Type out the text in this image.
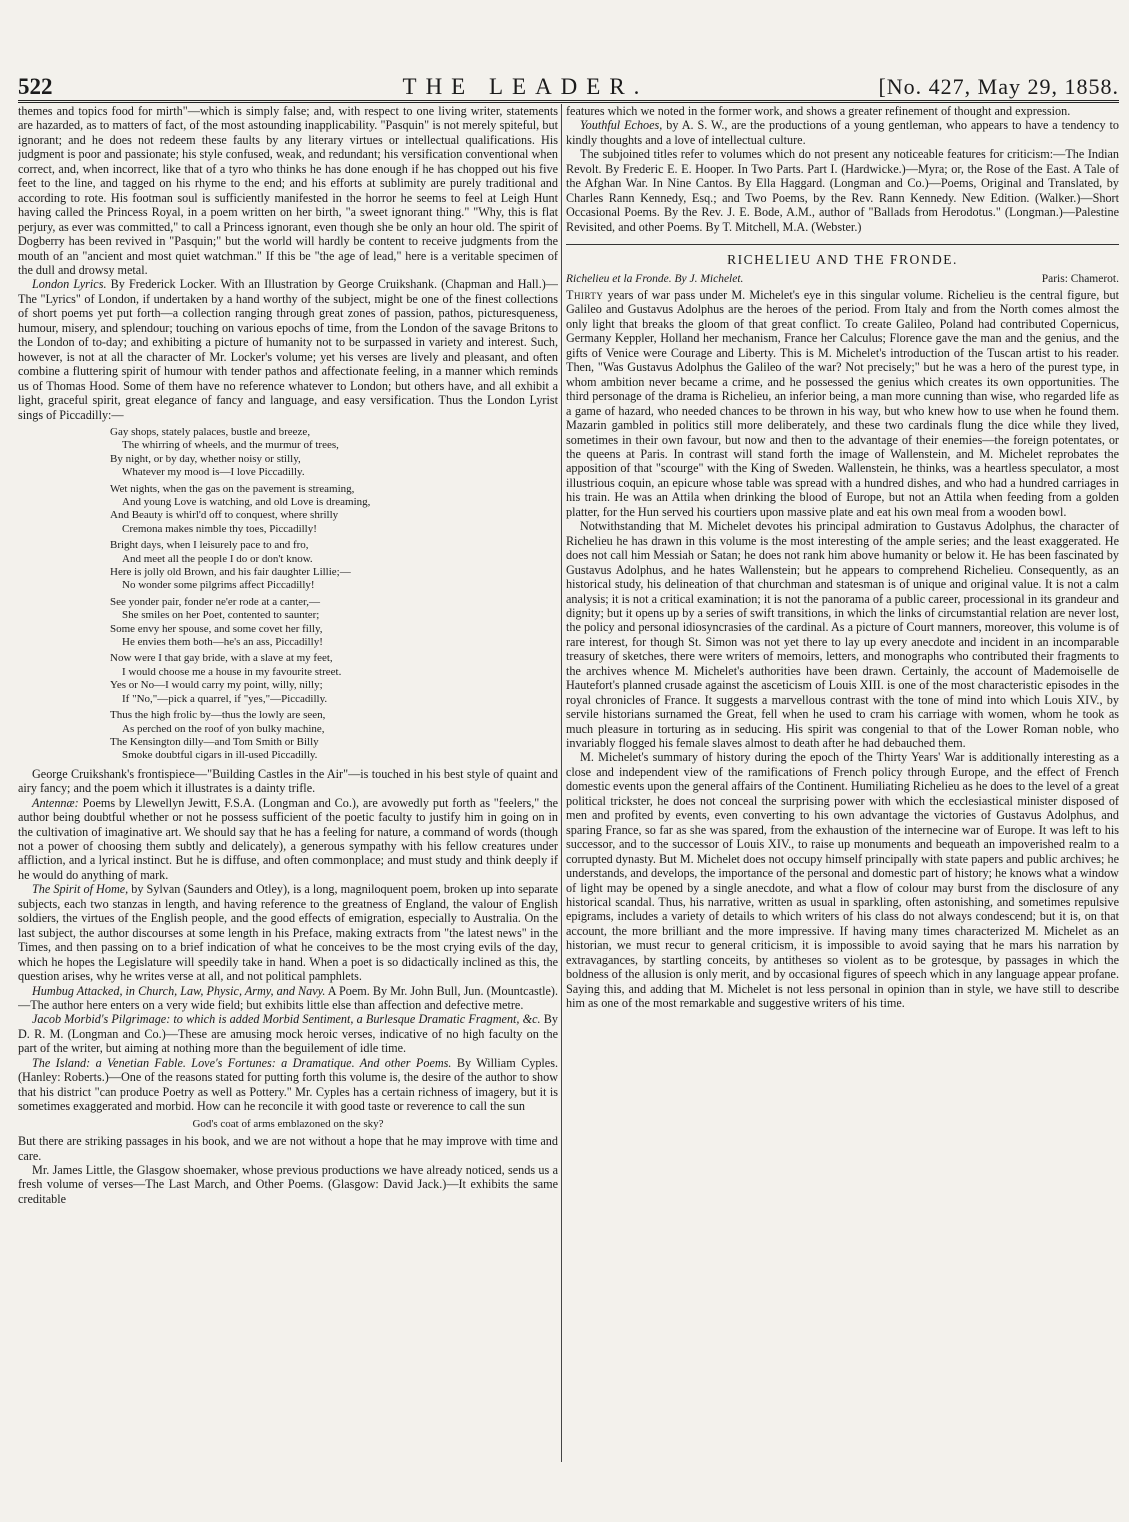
522	THE LEADER.	[No. 427, May 29, 1858.

themes and topics food for mirth"—which is simply false; and, with respect to one living writer, statements are hazarded, as to matters of fact, of the most astounding inapplicability. "Pasquin" is not merely spiteful, but ignorant; and he does not redeem these faults by any literary virtues or intellectual qualifications. His judgment is poor and passionate; his style confused, weak, and redundant; his versification conventional when correct, and, when incorrect, like that of a tyro who thinks he has done enough if he has chopped out his five feet to the line, and tagged on his rhyme to the end; and his efforts at sublimity are purely traditional and according to rote. His footman soul is sufficiently manifested in the horror he seems to feel at Leigh Hunt having called the Princess Royal, in a poem written on her birth, "a sweet ignorant thing." "Why, this is flat perjury, as ever was committed," to call a Princess ignorant, even though she be only an hour old. The spirit of Dogberry has been revived in "Pasquin;" but the world will hardly be content to receive judgments from the mouth of an "ancient and most quiet watchman." If this be "the age of lead," here is a veritable specimen of the dull and drowsy metal.

London Lyrics. By Frederick Locker. With an Illustration by George Cruikshank. (Chapman and Hall.)—The "Lyrics" of London, if undertaken by a hand worthy of the subject, might be one of the finest collections of short poems yet put forth—a collection ranging through great zones of passion, pathos, picturesqueness, humour, misery, and splendour; touching on various epochs of time, from the London of the savage Britons to the London of to-day; and exhibiting a picture of humanity not to be surpassed in variety and interest. Such, however, is not at all the character of Mr. Locker's volume; yet his verses are lively and pleasant, and often combine a fluttering spirit of humour with tender pathos and affectionate feeling, in a manner which reminds us of Thomas Hood. Some of them have no reference whatever to London; but others have, and all exhibit a light, graceful spirit, great elegance of fancy and language, and easy versification. Thus the London Lyrist sings of Piccadilly:—

Gay shops, stately palaces, bustle and breeze,
The whirring of wheels, and the murmur of trees,
By night, or by day, whether noisy or stilly,
Whatever my mood is—I love Piccadilly.
Wet nights, when the gas on the pavement is streaming,
And young Love is watching, and old Love is dreaming,
And Beauty is whirl'd off to conquest, where shrilly
Cremona makes nimble thy toes, Piccadilly!
Bright days, when I leisurely pace to and fro,
And meet all the people I do or don't know.
Here is jolly old Brown, and his fair daughter Lillie;—
No wonder some pilgrims affect Piccadilly!
See yonder pair, fonder ne'er rode at a canter,—
She smiles on her Poet, contented to saunter;
Some envy her spouse, and some covet her filly,
He envies them both—he's an ass, Piccadilly!
Now were I that gay bride, with a slave at my feet,
I would choose me a house in my favourite street.
Yes or No—I would carry my point, willy, nilly;
If "No,"—pick a quarrel, if "yes,"—Piccadilly.
Thus the high frolic by—thus the lowly are seen,
As perched on the roof of yon bulky machine,
The Kensington dilly—and Tom Smith or Billy
Smoke doubtful cigars in ill-used Piccadilly.

George Cruikshank's frontispiece—"Building Castles in the Air"—is touched in his best style of quaint and airy fancy; and the poem which it illustrates is a dainty trifle.

Antennæ: Poems by Llewellyn Jewitt, F.S.A. (Longman and Co.), are avowedly put forth as "feelers," the author being doubtful whether or not he possess sufficient of the poetic faculty to justify him in going on in the cultivation of imaginative art. We should say that he has a feeling for nature, a command of words (though not a power of choosing them subtly and delicately), a generous sympathy with his fellow creatures under affliction, and a lyrical instinct. But he is diffuse, and often commonplace; and must study and think deeply if he would do anything of mark.

The Spirit of Home, by Sylvan (Saunders and Otley), is a long, magniloquent poem, broken up into separate subjects, each two stanzas in length, and having reference to the greatness of England, the valour of English soldiers, the virtues of the English people, and the good effects of emigration, especially to Australia. On the last subject, the author discourses at some length in his Preface, making extracts from "the latest news" in the Times, and then passing on to a brief indication of what he conceives to be the most crying evils of the day, which he hopes the Legislature will speedily take in hand. When a poet is so didactically inclined as this, the question arises, why he writes verse at all, and not political pamphlets.

Humbug Attacked, in Church, Law, Physic, Army, and Navy. A Poem. By Mr. John Bull, Jun. (Mountcastle).—The author here enters on a very wide field; but exhibits little else than affection and defective metre.

Jacob Morbid's Pilgrimage: to which is added Morbid Sentiment, a Burlesque Dramatic Fragment, &c. By D. R. M. (Longman and Co.)—These are amusing mock heroic verses, indicative of no high faculty on the part of the writer, but aiming at nothing more than the beguilement of idle time.

The Island: a Venetian Fable. Love's Fortunes: a Dramatique. And other Poems. By William Cyples. (Hanley: Roberts.)—One of the reasons stated for putting forth this volume is, the desire of the author to show that his district "can produce Poetry as well as Pottery." Mr. Cyples has a certain richness of imagery, but it is sometimes exaggerated and morbid. How can he reconcile it with good taste or reverence to call the sun

God's coat of arms emblazoned on the sky?

But there are striking passages in his book, and we are not without a hope that he may improve with time and care.

Mr. James Little, the Glasgow shoemaker, whose previous productions we have already noticed, sends us a fresh volume of verses—The Last March, and Other Poems. (Glasgow: David Jack.)—It exhibits the same creditable

features which we noted in the former work, and shows a greater refinement of thought and expression.

Youthful Echoes, by A. S. W., are the productions of a young gentleman, who appears to have a tendency to kindly thoughts and a love of intellectual culture.

The subjoined titles refer to volumes which do not present any noticeable features for criticism:—The Indian Revolt. By Frederic E. E. Hooper. In Two Parts. Part I. (Hardwicke.)—Myra; or, the Rose of the East. A Tale of the Afghan War. In Nine Cantos. By Ella Haggard. (Longman and Co.)—Poems, Original and Translated, by Charles Rann Kennedy, Esq.; and Two Poems, by the Rev. Rann Kennedy. New Edition. (Walker.)—Short Occasional Poems. By the Rev. J. E. Bode, A.M., author of "Ballads from Herodotus." (Longman.)—Palestine Revisited, and other Poems. By T. Mitchell, M.A. (Webster.)

RICHELIEU AND THE FRONDE.

Richelieu et la Fronde. By J. Michelet.	Paris: Chamerot.

Thirty years of war pass under M. Michelet's eye in this singular volume. Richelieu is the central figure, but Galileo and Gustavus Adolphus are the heroes of the period. From Italy and from the North comes almost the only light that breaks the gloom of that great conflict. To create Galileo, Poland had contributed Copernicus, Germany Keppler, Holland her mechanism, France her Calculus; Florence gave the man and the genius, and the gifts of Venice were Courage and Liberty. This is M. Michelet's introduction of the Tuscan artist to his reader. Then, "Was Gustavus Adolphus the Galileo of the war? Not precisely;" but he was a hero of the purest type, in whom ambition never became a crime, and he possessed the genius which creates its own opportunities. The third personage of the drama is Richelieu, an inferior being, a man more cunning than wise, who regarded life as a game of hazard, who needed chances to be thrown in his way, but who knew how to use when he found them. Mazarin gambled in politics still more deliberately, and these two cardinals flung the dice while they lived, sometimes in their own favour, but now and then to the advantage of their enemies—the foreign potentates, or the queens at Paris. In contrast will stand forth the image of Wallenstein, and M. Michelet reprobates the apposition of that "scourge" with the King of Sweden. Wallenstein, he thinks, was a heartless speculator, a most illustrious coquin, an epicure whose table was spread with a hundred dishes, and who had a hundred carriages in his train. He was an Attila when drinking the blood of Europe, but not an Attila when feeding from a golden platter, for the Hun served his courtiers upon massive plate and eat his own meal from a wooden bowl.

Notwithstanding that M. Michelet devotes his principal admiration to Gustavus Adolphus, the character of Richelieu he has drawn in this volume is the most interesting of the ample series; and the least exaggerated. He does not call him Messiah or Satan; he does not rank him above humanity or below it. He has been fascinated by Gustavus Adolphus, and he hates Wallenstein; but he appears to comprehend Richelieu. Consequently, as an historical study, his delineation of that churchman and statesman is of unique and original value. It is not a calm analysis; it is not a critical examination; it is not the panorama of a public career, processional in its grandeur and dignity; but it opens up by a series of swift transitions, in which the links of circumstantial relation are never lost, the policy and personal idiosyncrasies of the cardinal. As a picture of Court manners, moreover, this volume is of rare interest, for though St. Simon was not yet there to lay up every anecdote and incident in an incomparable treasury of sketches, there were writers of memoirs, letters, and monographs who contributed their fragments to the archives whence M. Michelet's authorities have been drawn. Certainly, the account of Mademoiselle de Hautefort's planned crusade against the asceticism of Louis XIII. is one of the most characteristic episodes in the royal chronicles of France. It suggests a marvellous contrast with the tone of mind into which Louis XIV., by servile historians surnamed the Great, fell when he used to cram his carriage with women, whom he took as much pleasure in torturing as in seducing. His spirit was congenial to that of the Lower Roman noble, who invariably flogged his female slaves almost to death after he had debauched them.

M. Michelet's summary of history during the epoch of the Thirty Years' War is additionally interesting as a close and independent view of the ramifications of French policy through Europe, and the effect of French domestic events upon the general affairs of the Continent. Humiliating Richelieu as he does to the level of a great political trickster, he does not conceal the surprising power with which the ecclesiastical minister disposed of men and profited by events, even converting to his own advantage the victories of Gustavus Adolphus, and sparing France, so far as she was spared, from the exhaustion of the internecine war of Europe. It was left to his successor, and to the successor of Louis XIV., to raise up monuments and bequeath an impoverished realm to a corrupted dynasty. But M. Michelet does not occupy himself principally with state papers and public archives; he understands, and develops, the importance of the personal and domestic part of history; he knows what a window of light may be opened by a single anecdote, and what a flow of colour may burst from the disclosure of any historical scandal. Thus, his narrative, written as usual in sparkling, often astonishing, and sometimes repulsive epigrams, includes a variety of details to which writers of his class do not always condescend; but it is, on that account, the more brilliant and the more impressive. If having many times characterized M. Michelet as an historian, we must recur to general criticism, it is impossible to avoid saying that he mars his narration by extravagances, by startling conceits, by antitheses so violent as to be grotesque, by passages in which the boldness of the allusion is only merit, and by occasional figures of speech which in any language appear profane. Saying this, and adding that M. Michelet is not less personal in opinion than in style, we have still to describe him as one of the most remarkable and suggestive writers of his time.
